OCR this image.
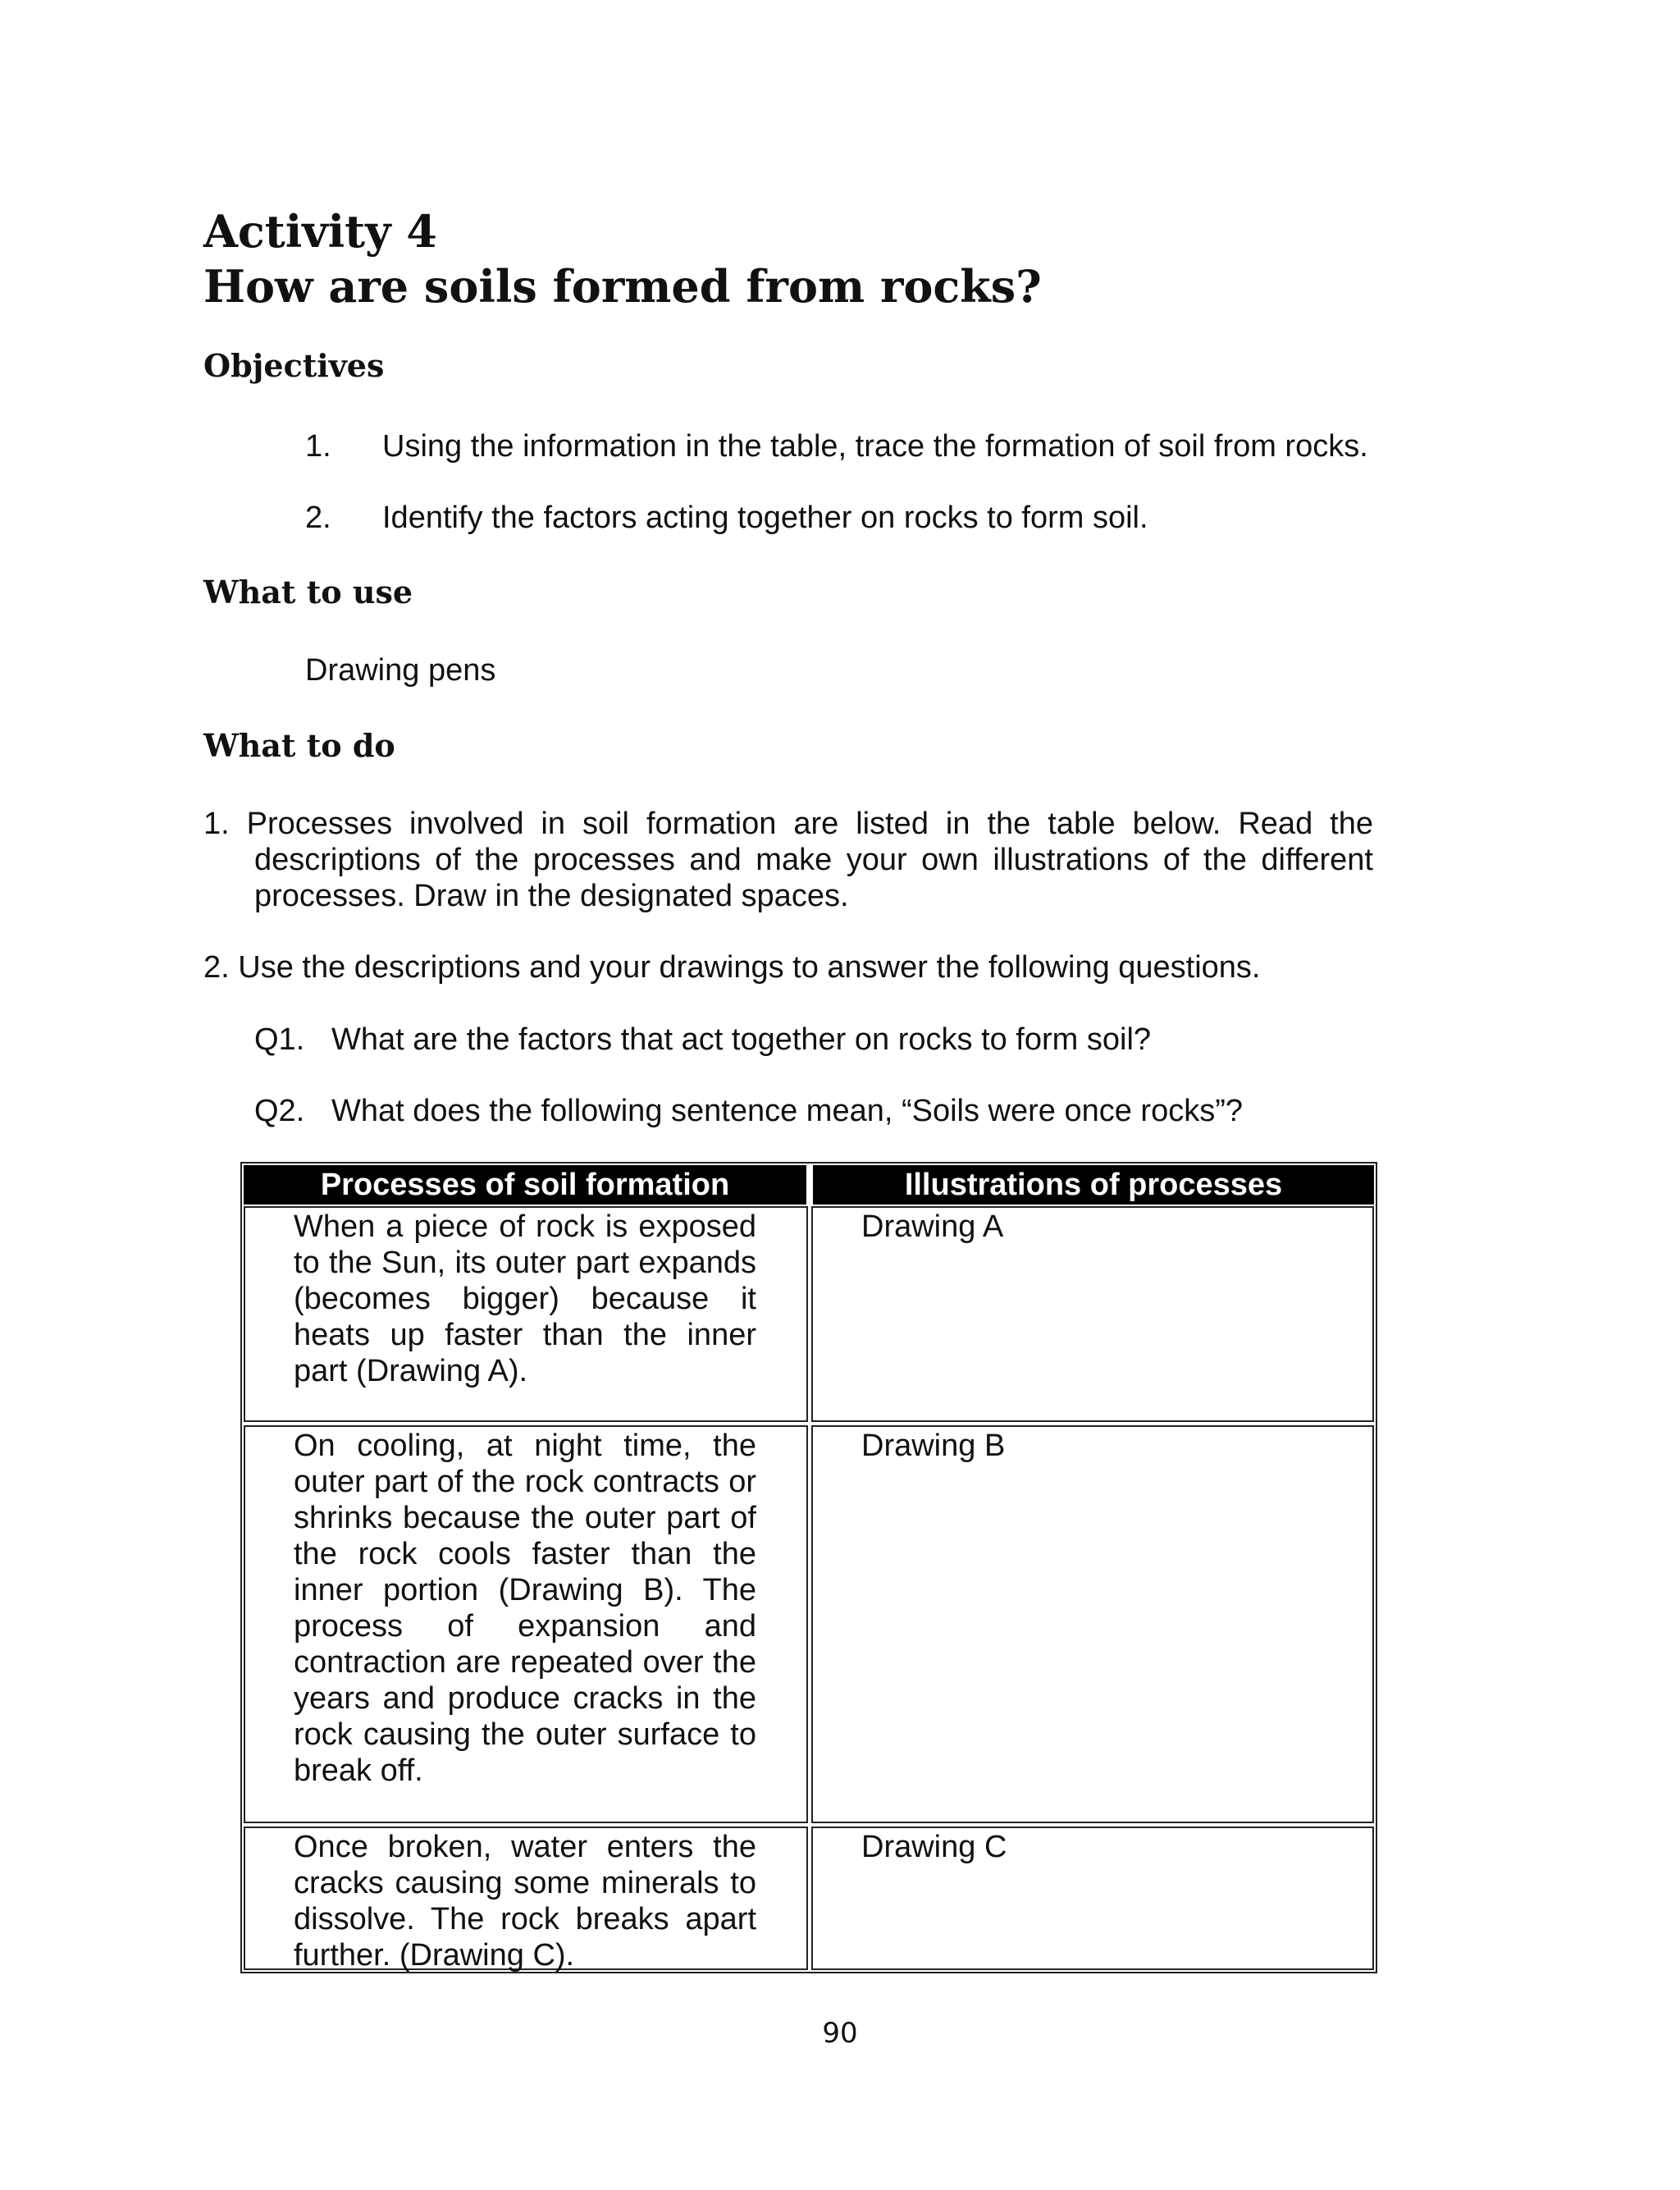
Activity 4
How are soils formed from rocks?
Objectives
1. Using the information in the table, trace the formation of soil from rocks.
2. Identify the factors acting together on rocks to form soil.
What to use
Drawing pens
What to do
1. Processes involved in soil formation are listed in the table below. Read the
descriptions of the processes and make your own illustrations of the different
processes. Draw in the designated spaces.
2. Use the descriptions and your drawings to answer the following questions.
Q1. What are the factors that act together on rocks to form soil?
Q2. What does the following sentence mean, “Soils were once rocks”?
Processes of soil formation	Illustrations of processes
When a piece of rock is exposed
to the Sun, its outer part expands
(becomes bigger) because it
heats up faster than the inner
part (Drawing A).
Drawing A
On cooling, at night time, the
outer part of the rock contracts or
shrinks because the outer part of
the rock cools faster than the
inner portion (Drawing B). The
process of expansion and
contraction are repeated over the
years and produce cracks in the
rock causing the outer surface to
break off.
Drawing B
Once broken, water enters the
cracks causing some minerals to
dissolve. The rock breaks apart
further. (Drawing C).
Drawing C
90
